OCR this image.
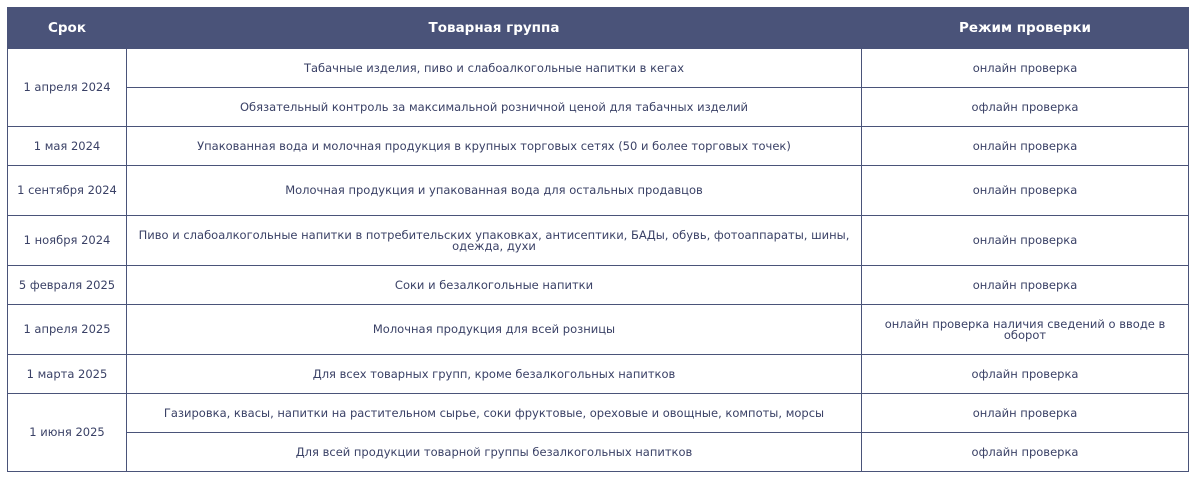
Срок	Товарная группа	Режим проверки
1 апреля 2024	Табачные изделия, пиво и слабоалкогольные напитки в кегах	онлайн проверка
	Обязательный контроль за максимальной розничной ценой для табачных изделий	офлайн проверка
1 мая 2024	Упакованная вода и молочная продукция в крупных торговых сетях (50 и более торговых точек)	онлайн проверка
1 сентября 2024	Молочная продукция и упакованная вода для остальных продавцов	онлайн проверка
1 ноября 2024	Пиво и слабоалкогольные напитки в потребительских упаковках, антисептики, БАДы, обувь, фотоаппараты, шины, одежда, духи	онлайн проверка
5 февраля 2025	Соки и безалкогольные напитки	онлайн проверка
1 апреля 2025	Молочная продукция для всей розницы	онлайн проверка наличия сведений о вводе в оборот
1 марта 2025	Для всех товарных групп, кроме безалкогольных напитков	офлайн проверка
1 июня 2025	Газировка, квасы, напитки на растительном сырье, соки фруктовые, ореховые и овощные, компоты, морсы	онлайн проверка
	Для всей продукции товарной группы безалкогольных напитков	офлайн проверка
